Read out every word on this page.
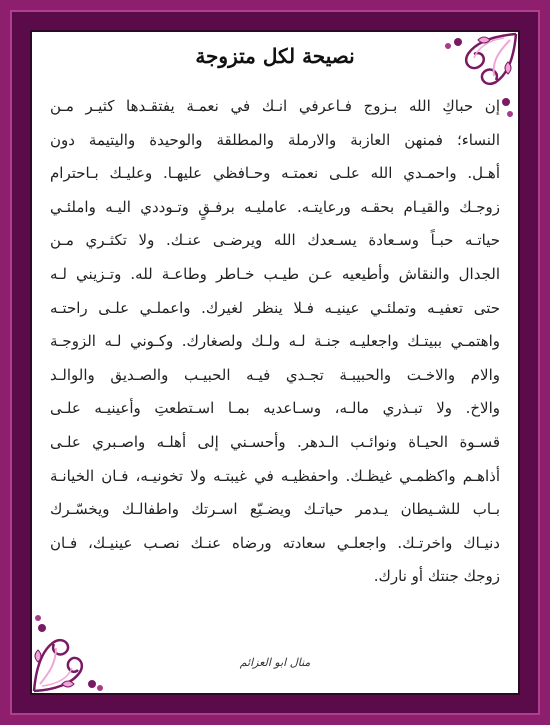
نصيحة لكل متزوجة
إن حباكِ الله بـزوج فـاعرفي انـك في نعمـة يفتقـدها كثيـر مـن
النساء؛ فمنهن العازبة والارملة والمطلقة والوحيدة واليتيمة دون
أهـل. واحمـدي الله علـى نعمتـه وحـافظي عليهـا. وعليـك بـاحترام
زوجـك والقيـام بحقـه ورعايتـه. عامليـه برفـقٍ وتـوددي اليـه واملئـي
حياتـه حبـاً وسـعادة يسـعدك الله ويرضـى عنـك. ولا تكثـري مـن
الجدال والنقاش وأطيعيه عـن طيـب خـاطر وطاعـة لله. وتـزيني لـه
حتى تعفيـه وتملئـي عينيـه فـلا ينظر لغيرك. واعملـي علـى راحتـه
واهتمـي ببيتـك واجعليـه جنـة لـه ولـك ولصغارك. وكـوني لـه الزوجـة
والام والاخـت والحبيبـة تجـدي فيـه الحبيـب والصـديق والوالـد
والاخ. ولا تبـذري مالـه، وسـاعديه بمـا اسـتطعتِ وأعينيـه علـى
قسـوة الحيـاة ونوائـب الـدهر. وأحسـني إلى أهلـه واصـبري علـى
أذاهـم واكظمـي غيظـك. واحفظيـه في غيبتـه ولا تخونيـه، فـان الخيانـة
بـاب للشـيطان يـدمر حياتـك ويضـيّع اسـرتك واطفالـك ويخسّـرك
دنيـاك واخرتـك. واجعلـي سعادته ورضاه عنـك نصـب عينيـك، فـان
زوجك جنتك أو نارك.
منال ابو العزائم
